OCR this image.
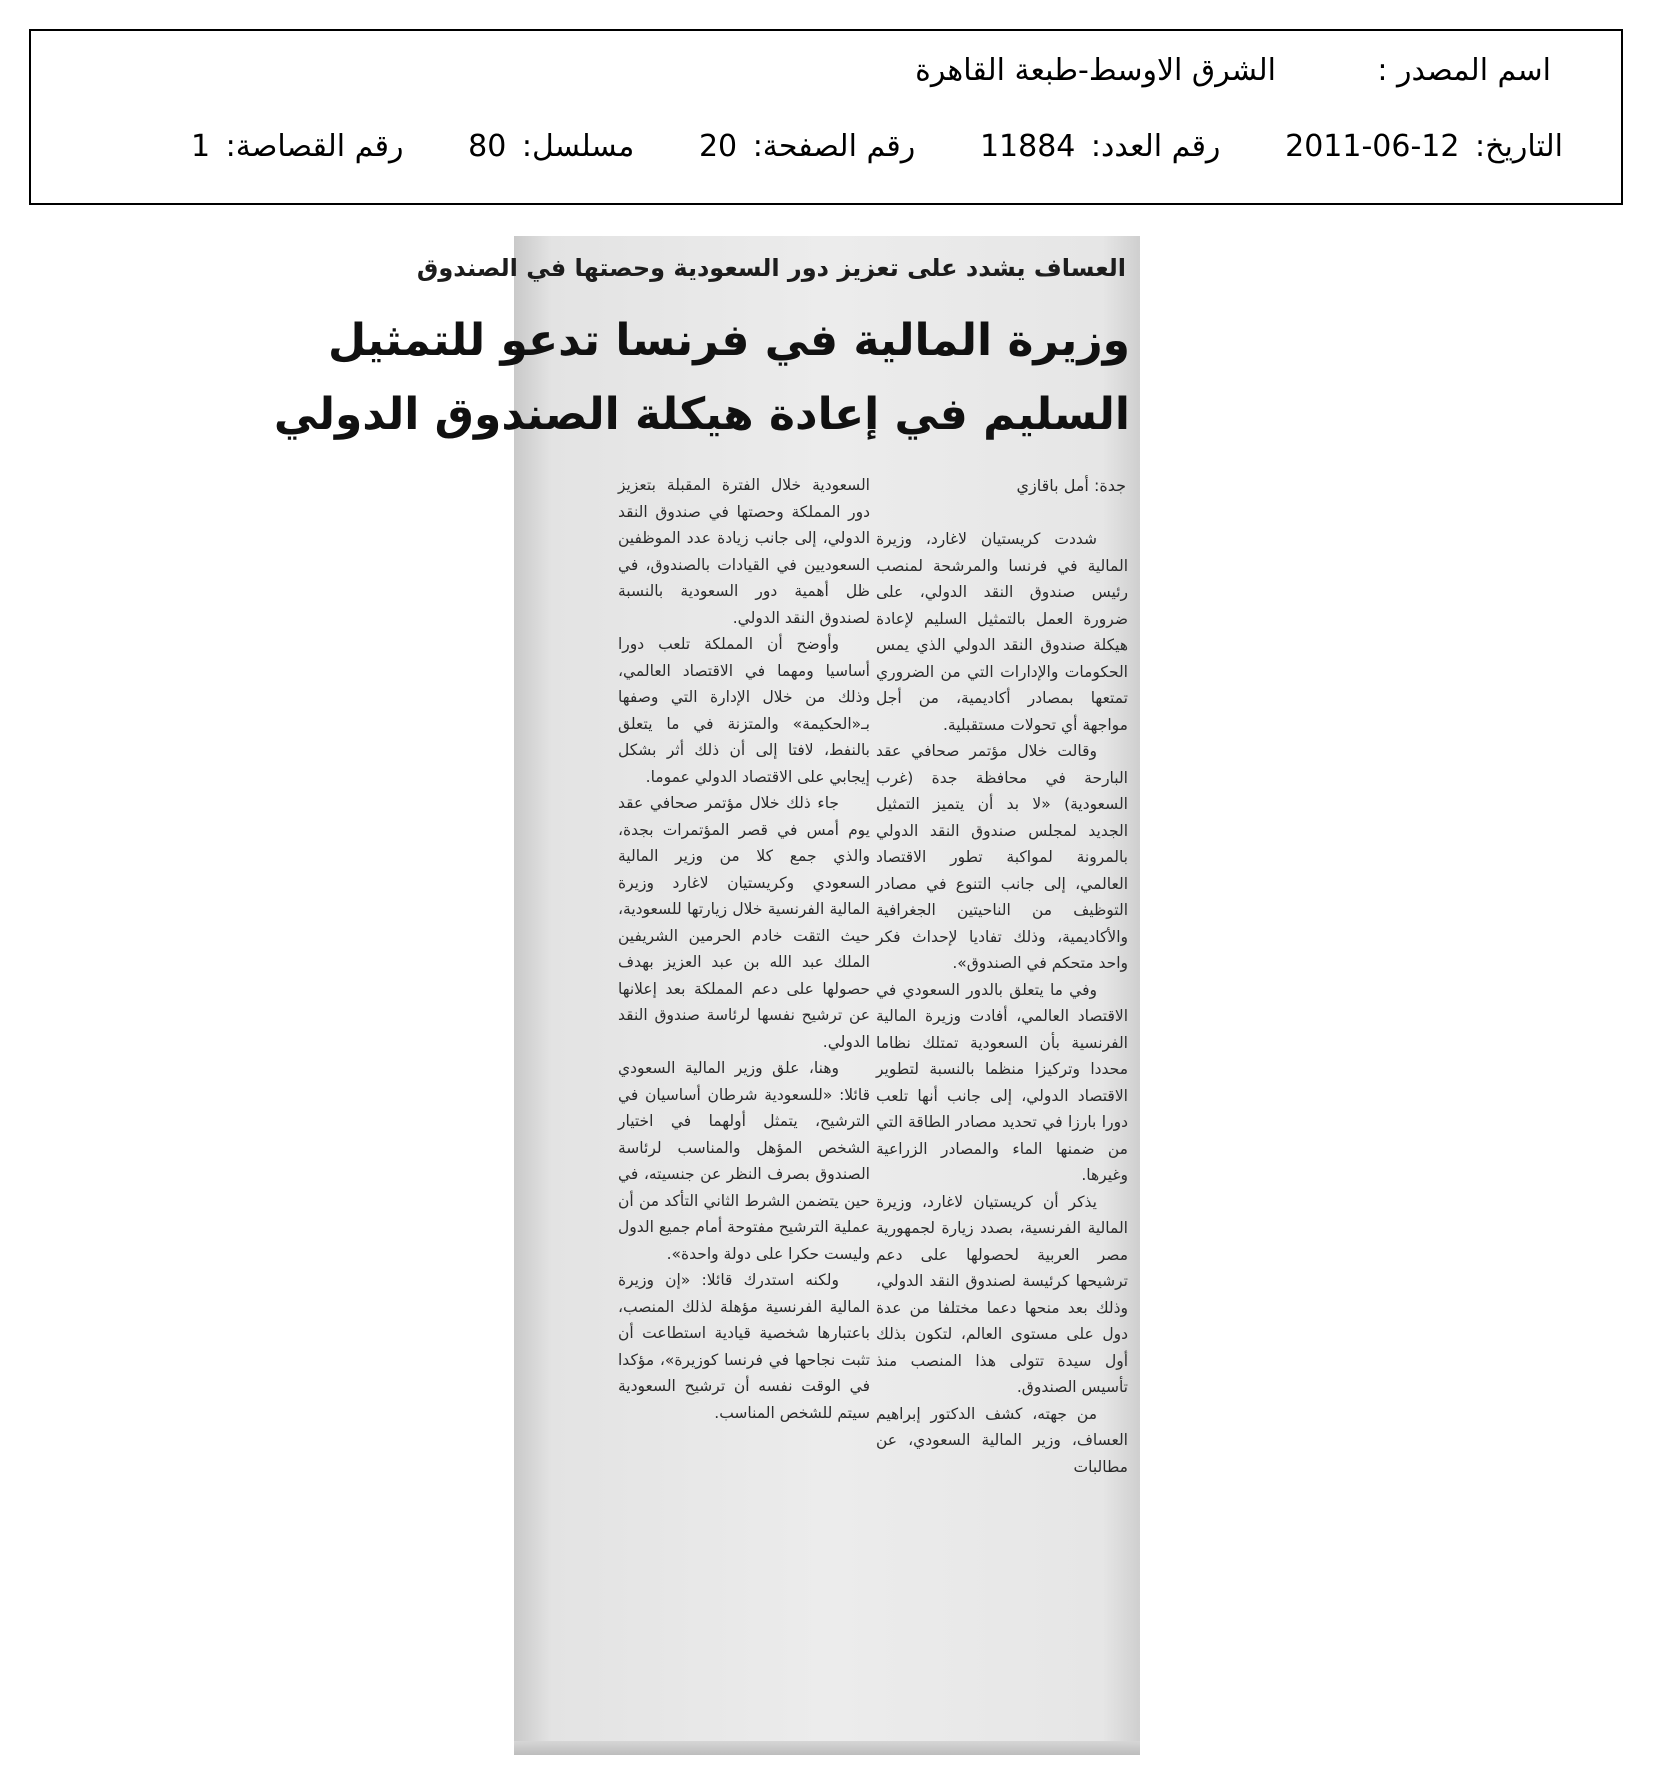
اسم المصدر :
الشرق الاوسط-طبعة القاهرة
التاريخ: 2011-06-12
رقم العدد: 11884
رقم الصفحة: 20
مسلسل: 80
رقم القصاصة: 1
العساف يشدد على تعزيز دور السعودية وحصتها في الصندوق
وزيرة المالية في فرنسا تدعو للتمثيل
السليم في إعادة هيكلة الصندوق الدولي
جدة: أمل باقازي

شددت كريستيان لاغارد، وزيرة المالية في فرنسا والمرشحة لمنصب رئيس صندوق النقد الدولي، على ضرورة العمل بالتمثيل السليم لإعادة هيكلة صندوق النقد الدولي الذي يمس الحكومات والإدارات التي من الضروري تمتعها بمصادر أكاديمية، من أجل مواجهة أي تحولات مستقبلية.

وقالت خلال مؤتمر صحافي عقد البارحة في محافظة جدة (غرب السعودية) «لا بد أن يتميز التمثيل الجديد لمجلس صندوق النقد الدولي بالمرونة لمواكبة تطور الاقتصاد العالمي، إلى جانب التنوع في مصادر التوظيف من الناحيتين الجغرافية والأكاديمية، وذلك تفاديا لإحداث فكر واحد متحكم في الصندوق».

وفي ما يتعلق بالدور السعودي في الاقتصاد العالمي، أفادت وزيرة المالية الفرنسية بأن السعودية تمتلك نظاما محددا وتركيزا منظما بالنسبة لتطوير الاقتصاد الدولي، إلى جانب أنها تلعب دورا بارزا في تحديد مصادر الطاقة التي من ضمنها الماء والمصادر الزراعية وغيرها.

يذكر أن كريستيان لاغارد، وزيرة المالية الفرنسية، بصدد زيارة لجمهورية مصر العربية لحصولها على دعم ترشيحها كرئيسة لصندوق النقد الدولي، وذلك بعد منحها دعما مختلفا من عدة دول على مستوى العالم، لتكون بذلك أول سيدة تتولى هذا المنصب منذ تأسيس الصندوق.

من جهته، كشف الدكتور إبراهيم العساف، وزير المالية السعودي، عن مطالبات

السعودية خلال الفترة المقبلة بتعزيز دور المملكة وحصتها في صندوق النقد الدولي، إلى جانب زيادة عدد الموظفين السعوديين في القيادات بالصندوق، في ظل أهمية دور السعودية بالنسبة لصندوق النقد الدولي.

وأوضح أن المملكة تلعب دورا أساسيا ومهما في الاقتصاد العالمي، وذلك من خلال الإدارة التي وصفها بـ«الحكيمة» والمتزنة في ما يتعلق بالنفط، لافتا إلى أن ذلك أثر بشكل إيجابي على الاقتصاد الدولي عموما.

جاء ذلك خلال مؤتمر صحافي عقد يوم أمس في قصر المؤتمرات بجدة، والذي جمع كلا من وزير المالية السعودي وكريستيان لاغارد وزيرة المالية الفرنسية خلال زيارتها للسعودية، حيث التقت خادم الحرمين الشريفين الملك عبد الله بن عبد العزيز بهدف حصولها على دعم المملكة بعد إعلانها عن ترشيح نفسها لرئاسة صندوق النقد الدولي.

وهنا، علق وزير المالية السعودي قائلا: «للسعودية شرطان أساسيان في الترشيح، يتمثل أولهما في اختيار الشخص المؤهل والمناسب لرئاسة الصندوق بصرف النظر عن جنسيته، في حين يتضمن الشرط الثاني التأكد من أن عملية الترشيح مفتوحة أمام جميع الدول وليست حكرا على دولة واحدة».

ولكنه استدرك قائلا: «إن وزيرة المالية الفرنسية مؤهلة لذلك المنصب، باعتبارها شخصية قيادية استطاعت أن تثبت نجاحها في فرنسا كوزيرة»، مؤكدا في الوقت نفسه أن ترشيح السعودية سيتم للشخص المناسب.
